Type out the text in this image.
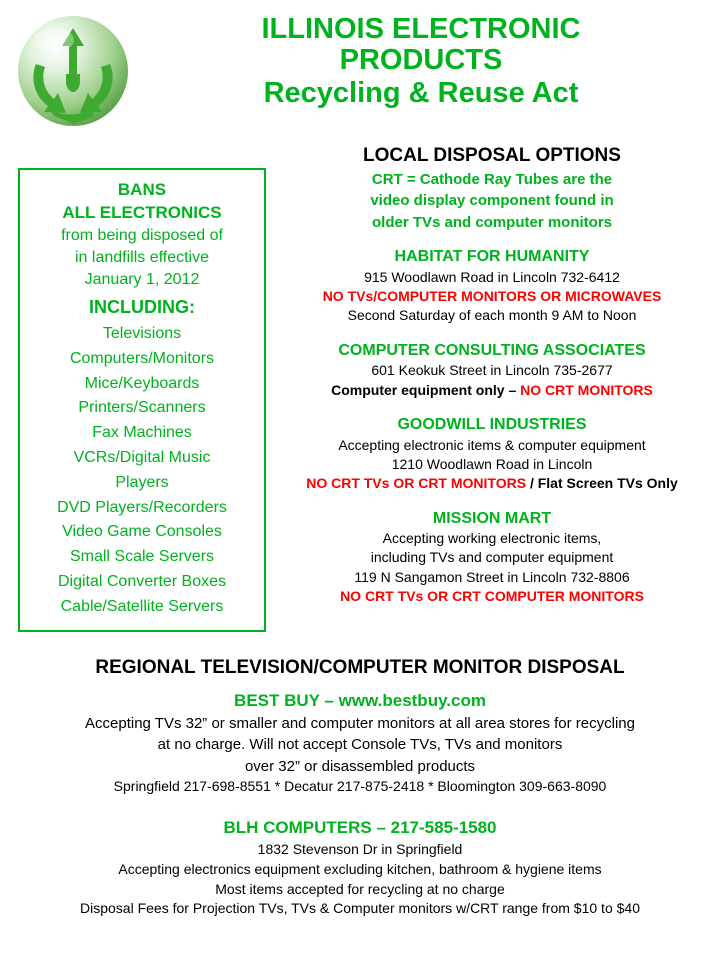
ILLINOIS ELECTRONIC
PRODUCTS
Recycling & Reuse Act
BANS
ALL ELECTRONICS
from being disposed of
in landfills effective
January 1, 2012
INCLUDING:
Televisions
Computers/Monitors
Mice/Keyboards
Printers/Scanners
Fax Machines
VCRs/Digital Music
Players
DVD Players/Recorders
Video Game Consoles
Small Scale Servers
Digital Converter Boxes
Cable/Satellite Servers
LOCAL DISPOSAL OPTIONS
CRT = Cathode Ray Tubes are the
video display component found in
older TVs and computer monitors
HABITAT FOR HUMANITY
915 Woodlawn Road in Lincoln 732-6412
NO TVs/COMPUTER MONITORS OR MICROWAVES
Second Saturday of each month 9 AM to Noon
COMPUTER CONSULTING ASSOCIATES
601 Keokuk Street in Lincoln 735-2677
Computer equipment only – NO CRT MONITORS
GOODWILL INDUSTRIES
Accepting electronic items & computer equipment
1210 Woodlawn Road in Lincoln
NO CRT TVs OR CRT MONITORS / Flat Screen TVs Only
MISSION MART
Accepting working electronic items,
including TVs and computer equipment
119 N Sangamon Street in Lincoln 732-8806
NO CRT TVs OR CRT COMPUTER MONITORS
REGIONAL TELEVISION/COMPUTER MONITOR DISPOSAL
BEST BUY – www.bestbuy.com
Accepting TVs 32” or smaller and computer monitors at all area stores for recycling
at no charge. Will not accept Console TVs, TVs and monitors
over 32” or disassembled products
Springfield 217-698-8551 * Decatur 217-875-2418 * Bloomington 309-663-8090
BLH COMPUTERS – 217-585-1580
1832 Stevenson Dr in Springfield
Accepting electronics equipment excluding kitchen, bathroom & hygiene items
Most items accepted for recycling at no charge
Disposal Fees for Projection TVs, TVs & Computer monitors w/CRT range from $10 to $40
